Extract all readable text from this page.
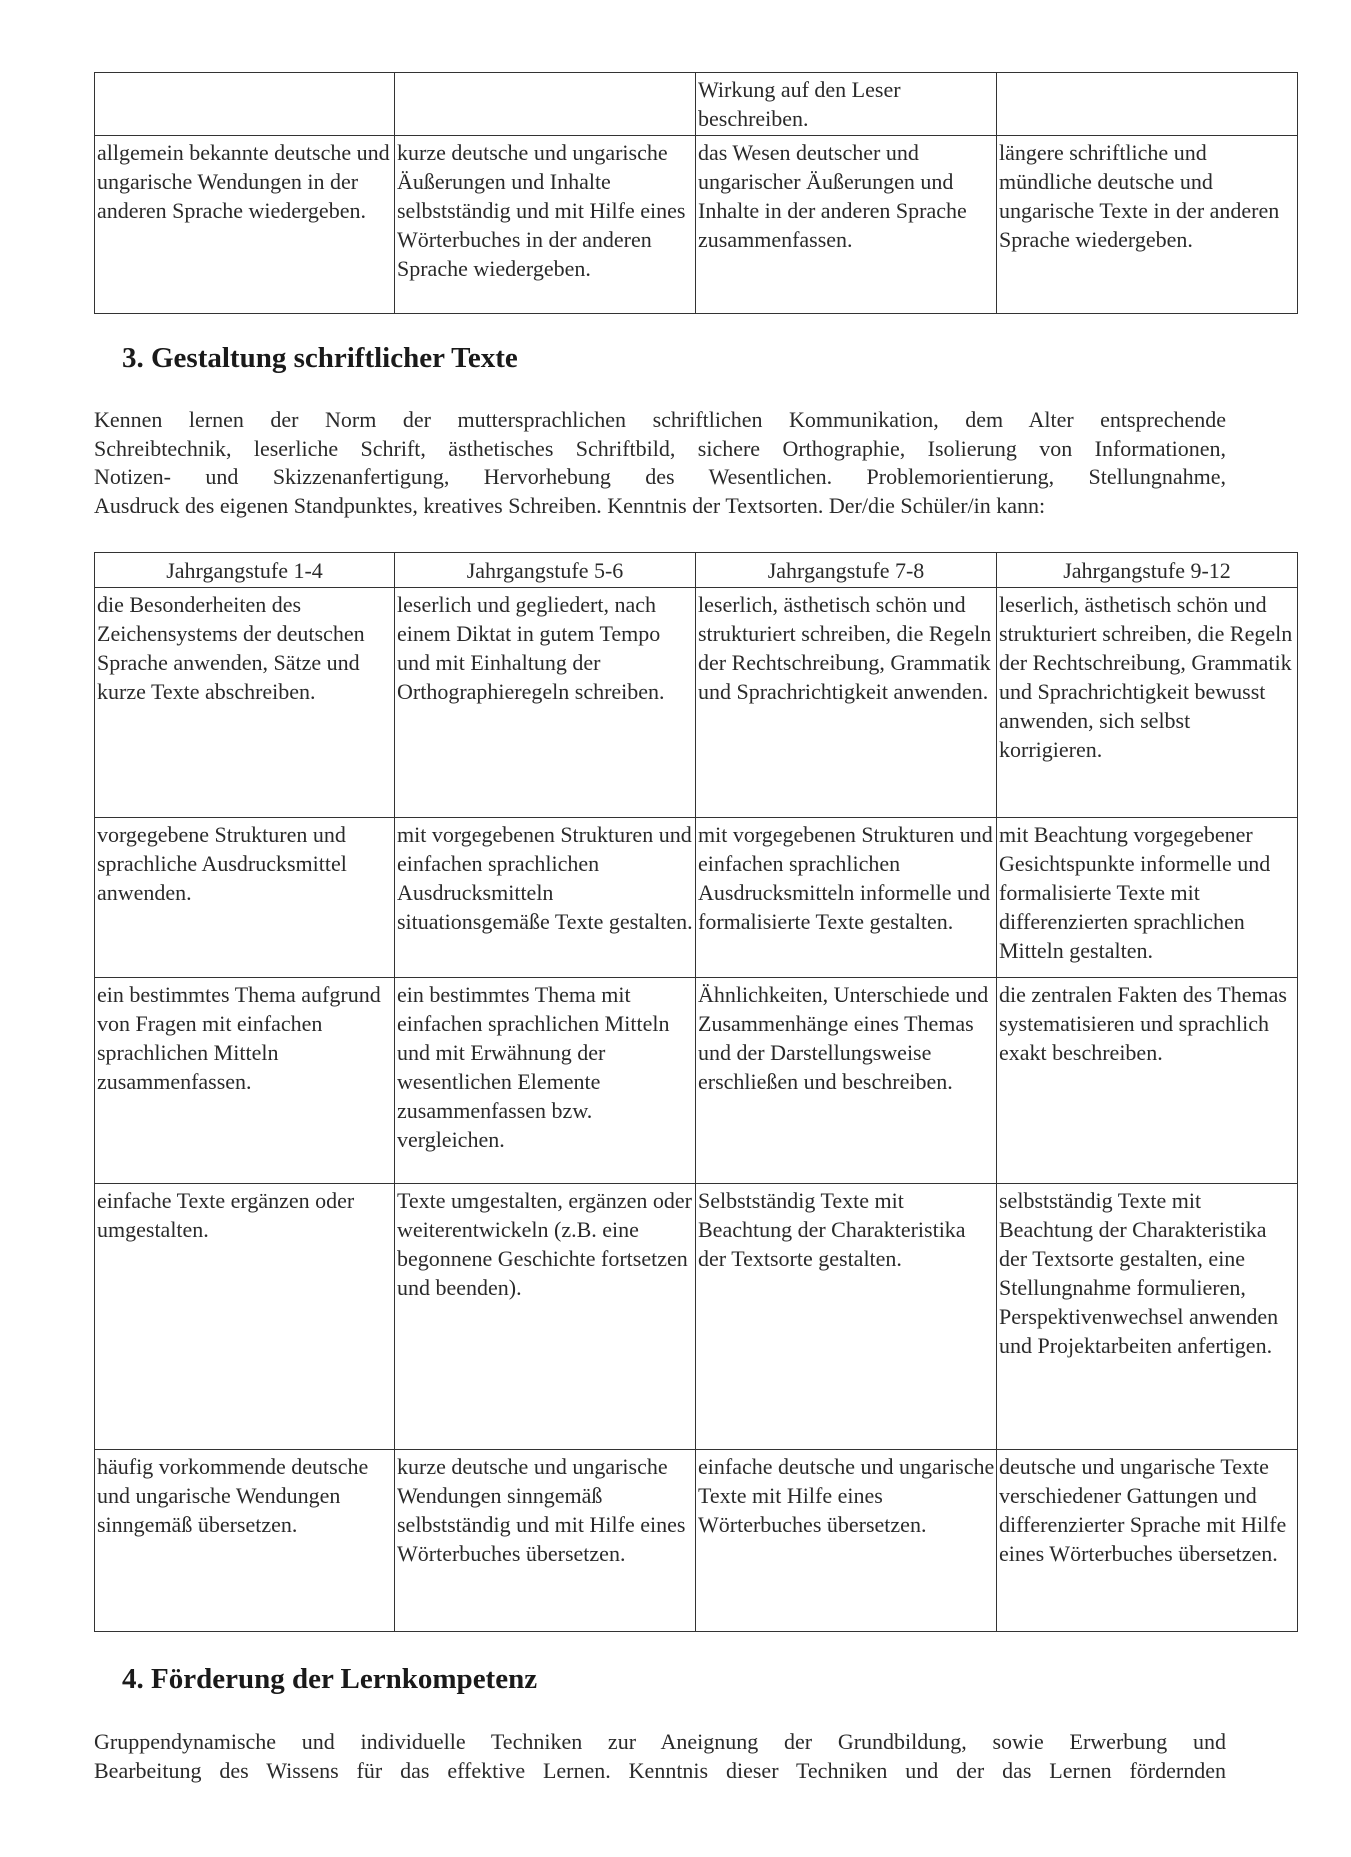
		Wirkung auf den Leser beschreiben.	
allgemein bekannte deutsche und ungarische Wendungen in der anderen Sprache wiedergeben.	kurze deutsche und ungarische Äußerungen und Inhalte selbstständig und mit Hilfe eines Wörterbuches in der anderen Sprache wiedergeben.	das Wesen deutscher und ungarischer Äußerungen und Inhalte in der anderen Sprache zusammenfassen.	längere schriftliche und mündliche deutsche und ungarische Texte in der anderen Sprache wiedergeben.
3. Gestaltung schriftlicher Texte
Kennen lernen der Norm der muttersprachlichen schriftlichen Kommunikation, dem Alter entsprechende
Schreibtechnik, leserliche Schrift, ästhetisches Schriftbild, sichere Orthographie, Isolierung von Informationen,
Notizen- und Skizzenanfertigung, Hervorhebung des Wesentlichen. Problemorientierung, Stellungnahme,
Ausdruck des eigenen Standpunktes, kreatives Schreiben. Kenntnis der Textsorten. Der/die Schüler/in kann:
Jahrgangstufe 1-4	Jahrgangstufe 5-6	Jahrgangstufe 7-8	Jahrgangstufe 9-12
die Besonderheiten des Zeichensystems der deutschen Sprache anwenden, Sätze und kurze Texte abschreiben.	leserlich und gegliedert, nach einem Diktat in gutem Tempo und mit Einhaltung der Orthographieregeln schreiben.	leserlich, ästhetisch schön und strukturiert schreiben, die Regeln der Rechtschreibung, Grammatik und Sprachrichtigkeit anwenden.	leserlich, ästhetisch schön und strukturiert schreiben, die Regeln der Rechtschreibung, Grammatik und Sprachrichtigkeit bewusst anwenden, sich selbst korrigieren.
vorgegebene Strukturen und sprachliche Ausdrucksmittel anwenden.	mit vorgegebenen Strukturen und einfachen sprachlichen Ausdrucksmitteln situationsgemäße Texte gestalten.	mit vorgegebenen Strukturen und einfachen sprachlichen Ausdrucksmitteln informelle und formalisierte Texte gestalten.	mit Beachtung vorgegebener Gesichtspunkte informelle und formalisierte Texte mit differenzierten sprachlichen Mitteln gestalten.
ein bestimmtes Thema aufgrund von Fragen mit einfachen sprachlichen Mitteln zusammenfassen.	ein bestimmtes Thema mit einfachen sprachlichen Mitteln und mit Erwähnung der wesentlichen Elemente zusammenfassen bzw. vergleichen.	Ähnlichkeiten, Unterschiede und Zusammenhänge eines Themas und der Darstellungsweise erschließen und beschreiben.	die zentralen Fakten des Themas systematisieren und sprachlich exakt beschreiben.
einfache Texte ergänzen oder umgestalten.	Texte umgestalten, ergänzen oder weiterentwickeln (z.B. eine begonnene Geschichte fortsetzen und beenden).	Selbstständig Texte mit Beachtung der Charakteristika der Textsorte gestalten.	selbstständig Texte mit Beachtung der Charakteristika der Textsorte gestalten, eine Stellungnahme formulieren, Perspektivenwechsel anwenden und Projektarbeiten anfertigen.
häufig vorkommende deutsche und ungarische Wendungen sinngemäß übersetzen.	kurze deutsche und ungarische Wendungen sinngemäß selbstständig und mit Hilfe eines Wörterbuches übersetzen.	einfache deutsche und ungarische Texte mit Hilfe eines Wörterbuches übersetzen.	deutsche und ungarische Texte verschiedener Gattungen und differenzierter Sprache mit Hilfe eines Wörterbuches übersetzen.
4. Förderung der Lernkompetenz
Gruppendynamische und individuelle Techniken zur Aneignung der Grundbildung, sowie Erwerbung und
Bearbeitung des Wissens für das effektive Lernen. Kenntnis dieser Techniken und der das Lernen fördernden
